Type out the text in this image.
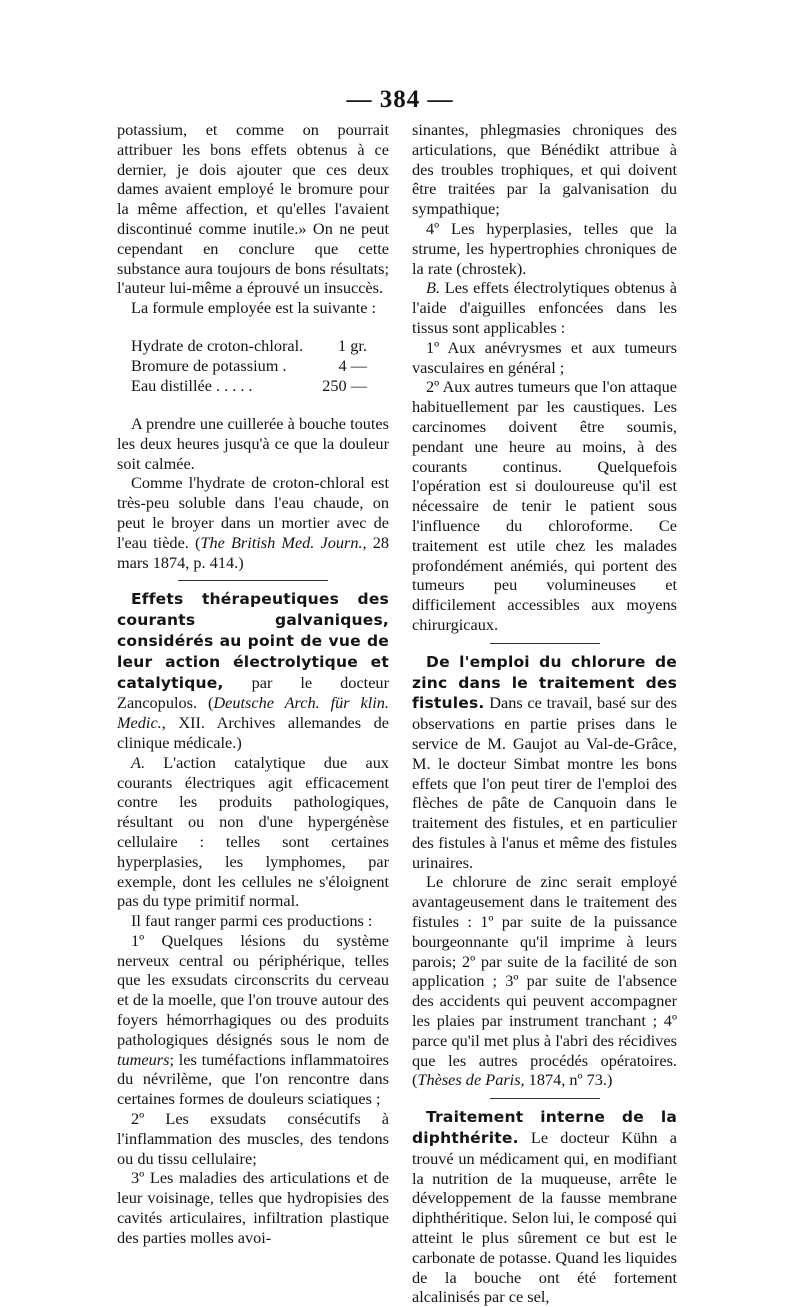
— 384 —

potassium, et comme on pourrait attribuer les bons effets obtenus à ce dernier, je dois ajouter que ces deux dames avaient employé le bromure pour la même affection, et qu'elles l'avaient discontinué comme inutile.» On ne peut cependant en conclure que cette substance aura toujours de bons résultats; l'auteur lui-même a éprouvé un insuccès.

La formule employée est la suivante :

Hydrate de croton-chloral. 1 gr.
Bromure de potassium .	4 —
Eau distillée . . . . .	250 —

A prendre une cuillerée à bouche toutes les deux heures jusqu'à ce que la douleur soit calmée.

Comme l'hydrate de croton-chloral est très-peu soluble dans l'eau chaude, on peut le broyer dans un mortier avec de l'eau tiède. (The British Med. Journ., 28 mars 1874, p. 414.)

Effets thérapeutiques des courants galvaniques, considérés au point de vue de leur action électrolytique et catalytique, par le docteur Zancopulos. (Deutsche Arch. für klin. Medic., XII. Archives allemandes de clinique médicale.)

A. L'action catalytique due aux courants électriques agit efficacement contre les produits pathologiques, résultant ou non d'une hypergénèse cellulaire : telles sont certaines hyperplasies, les lymphomes, par exemple, dont les cellules ne s'éloignent pas du type primitif normal.

Il faut ranger parmi ces productions :

1º Quelques lésions du système nerveux central ou périphérique, telles que les exsudats circonscrits du cerveau et de la moelle, que l'on trouve autour des foyers hémorrhagiques ou des produits pathologiques désignés sous le nom de tumeurs; les tuméfactions inflammatoires du névrilème, que l'on rencontre dans certaines formes de douleurs sciatiques ;

2º Les exsudats consécutifs à l'inflammation des muscles, des tendons ou du tissu cellulaire;

3º Les maladies des articulations et de leur voisinage, telles que hydropisies des cavités articulaires, infiltration plastique des parties molles avoi-

sinantes, phlegmasies chroniques des articulations, que Bénédikt attribue à des troubles trophiques, et qui doivent être traitées par la galvanisation du sympathique;

4º Les hyperplasies, telles que la strume, les hypertrophies chroniques de la rate (chrostek).

B. Les effets électrolytiques obtenus à l'aide d'aiguilles enfoncées dans les tissus sont applicables :

1º Aux anévrysmes et aux tumeurs vasculaires en général ;

2º Aux autres tumeurs que l'on attaque habituellement par les caustiques. Les carcinomes doivent être soumis, pendant une heure au moins, à des courants continus. Quelquefois l'opération est si douloureuse qu'il est nécessaire de tenir le patient sous l'influence du chloroforme. Ce traitement est utile chez les malades profondément anémiés, qui portent des tumeurs peu volumineuses et difficilement accessibles aux moyens chirurgicaux.

De l'emploi du chlorure de zinc dans le traitement des fistules. Dans ce travail, basé sur des observations en partie prises dans le service de M. Gaujot au Val-de-Grâce, M. le docteur Simbat montre les bons effets que l'on peut tirer de l'emploi des flèches de pâte de Canquoin dans le traitement des fistules, et en particulier des fistules à l'anus et même des fistules urinaires.

Le chlorure de zinc serait employé avantageusement dans le traitement des fistules : 1º par suite de la puissance bourgeonnante qu'il imprime à leurs parois; 2º par suite de la facilité de son application ; 3º par suite de l'absence des accidents qui peuvent accompagner les plaies par instrument tranchant ; 4º parce qu'il met plus à l'abri des récidives que les autres procédés opératoires. (Thèses de Paris, 1874, nº 73.)

Traitement interne de la diphthérite. Le docteur Kühn a trouvé un médicament qui, en modifiant la nutrition de la muqueuse, arrête le développement de la fausse membrane diphthéritique. Selon lui, le composé qui atteint le plus sûrement ce but est le carbonate de potasse. Quand les liquides de la bouche ont été fortement alcalinisés par ce sel,
